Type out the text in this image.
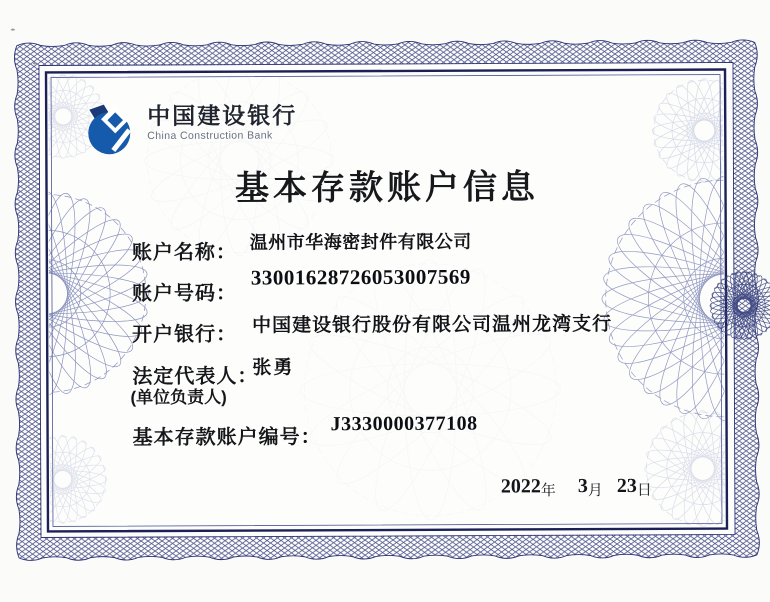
中国建设银行
China Construction Bank
基本存款账户信息
账户名称：
账户号码：
开户银行：
法定代表人：
(单位负责人)
基本存款账户编号：
温州市华海密封件有限公司
33001628726053007569
中国建设银行股份有限公司温州龙湾支行
张勇
J3330000377108
2022年 3月 23日
